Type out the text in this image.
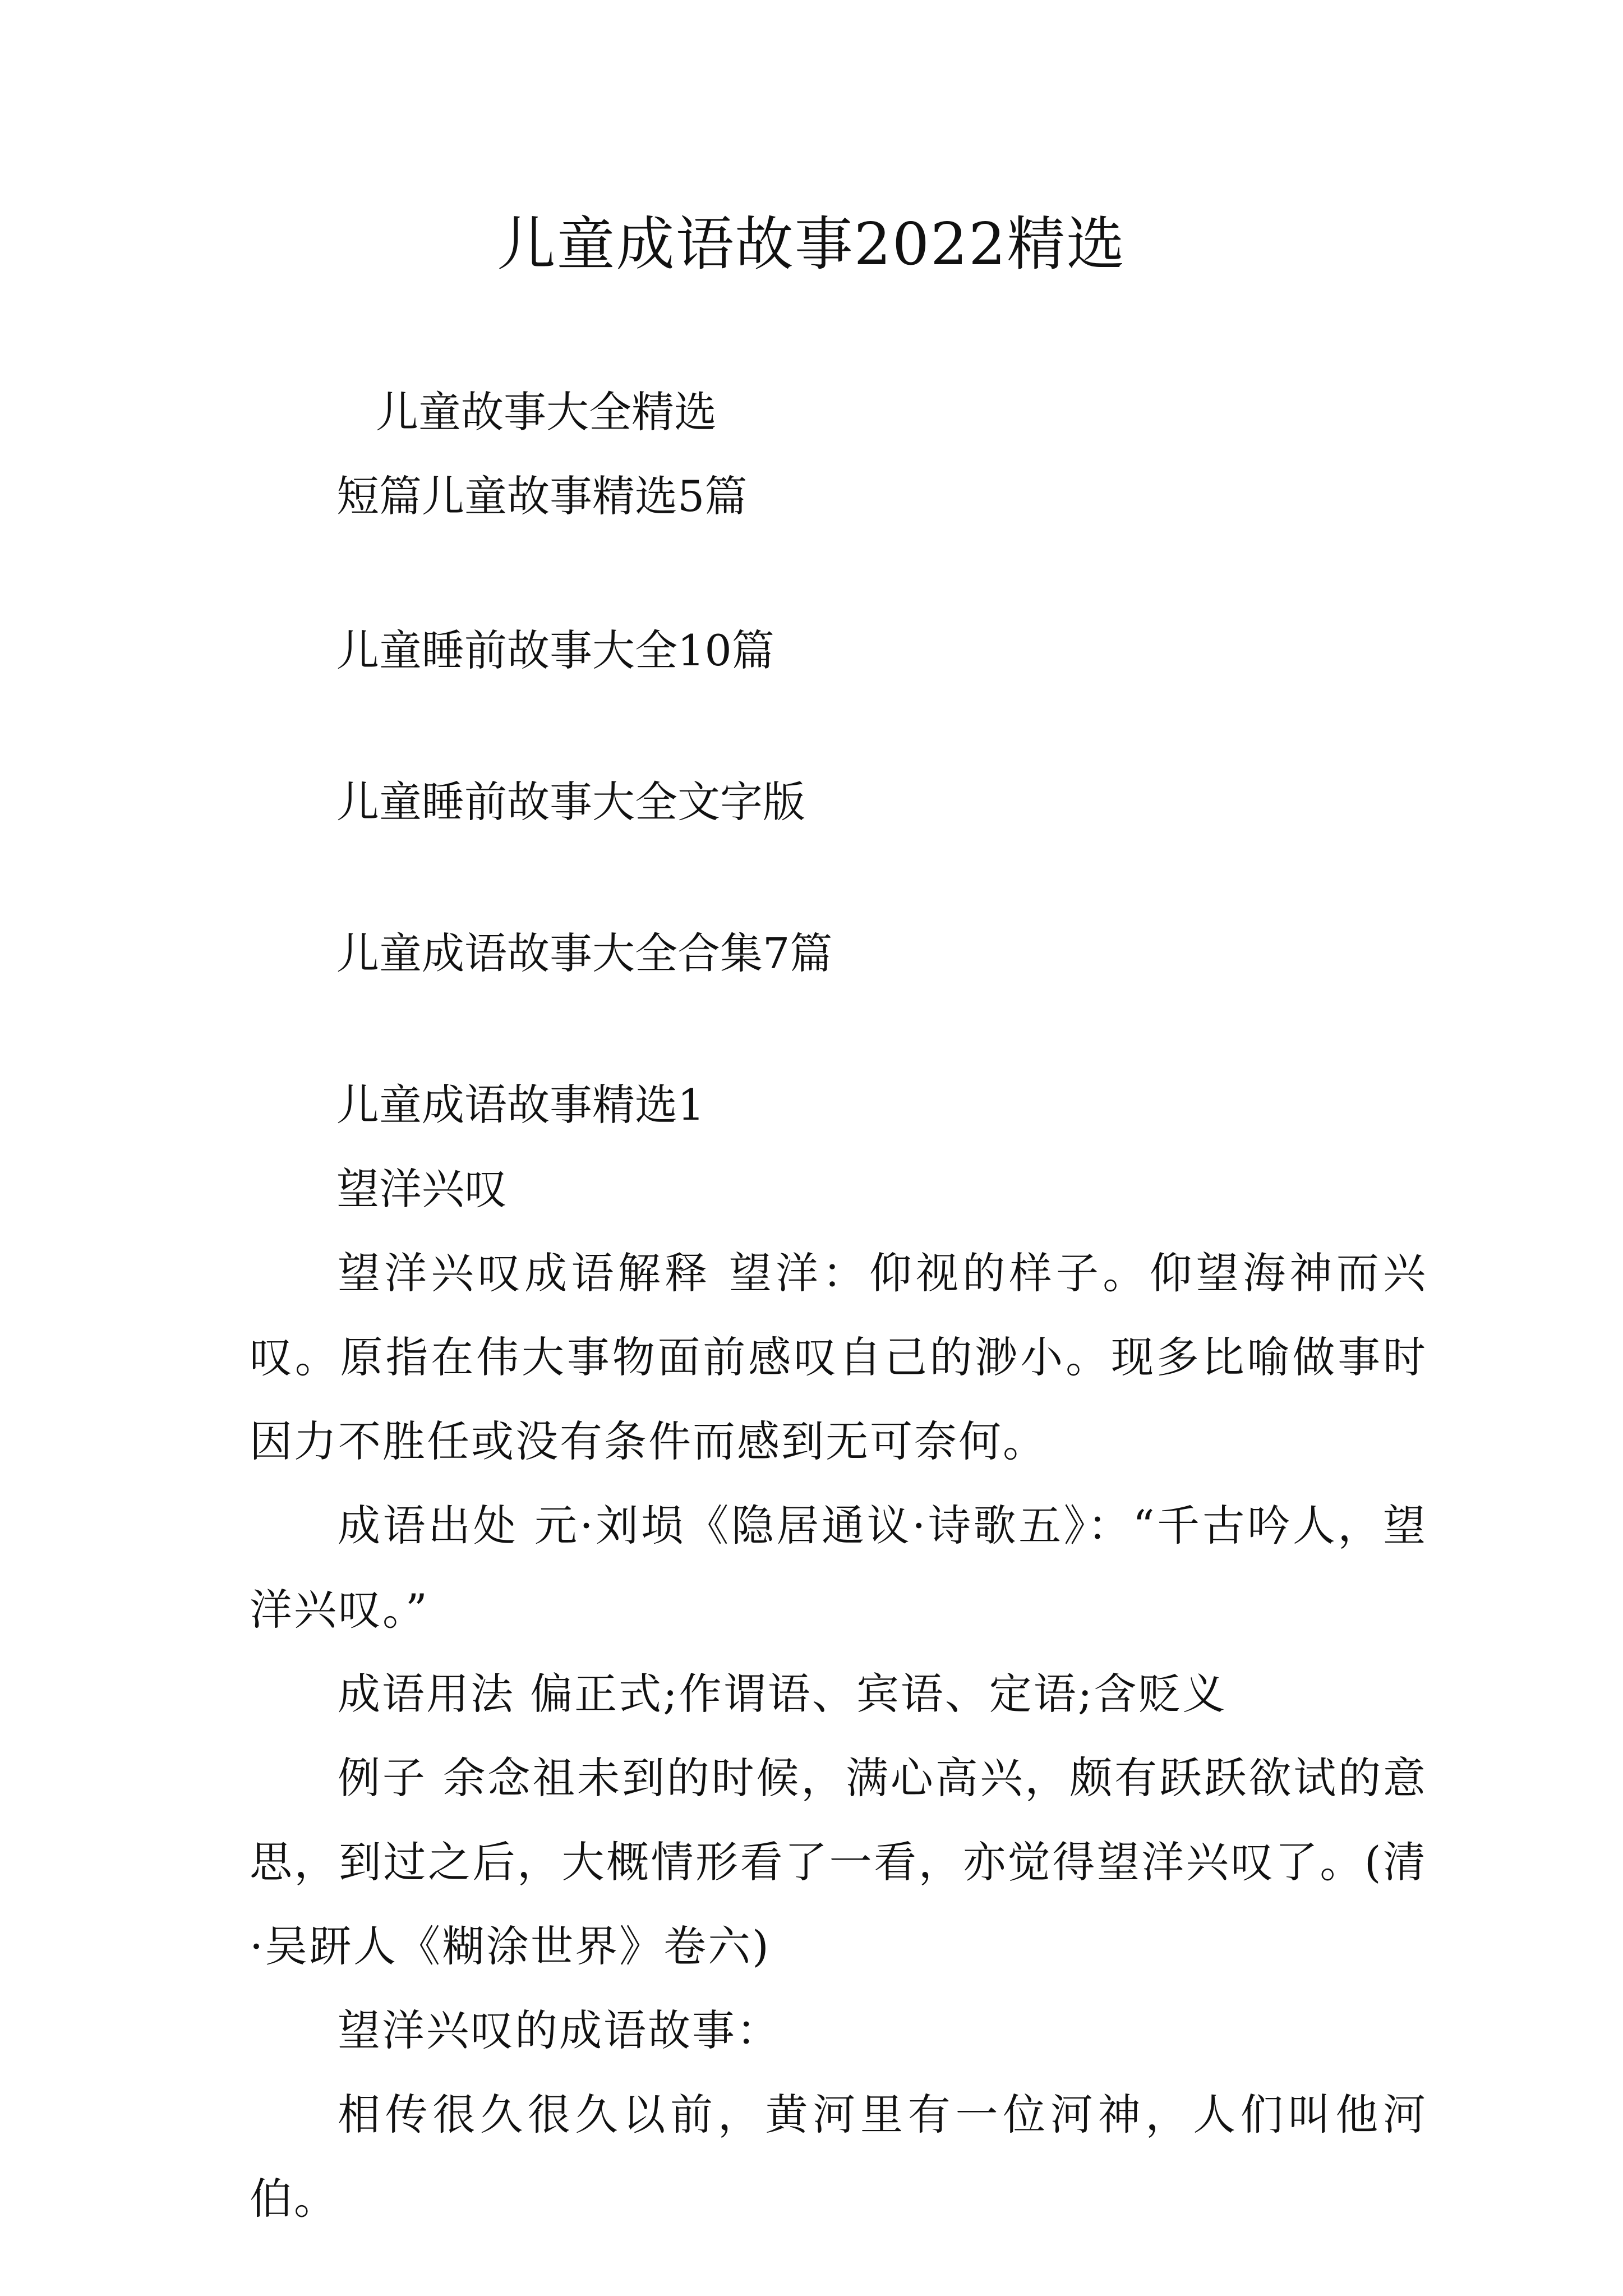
儿童成语故事2022精选
儿童故事大全精选
短篇儿童故事精选5篇
儿童睡前故事大全10篇
儿童睡前故事大全文字版
儿童成语故事大全合集7篇
儿童成语故事精选1
望洋兴叹
望洋兴叹成语解释 望洋：仰视的样子。仰望海神而兴叹。原指在伟大事物面前感叹自己的渺小。现多比喻做事时因力不胜任或没有条件而感到无可奈何。
成语出处 元·刘埙《隐居通议·诗歌五》：“千古吟人，望洋兴叹。”
成语用法 偏正式;作谓语、宾语、定语;含贬义
例子 余念祖未到的时候，满心高兴，颇有跃跃欲试的意思，到过之后，大概情形看了一看，亦觉得望洋兴叹了。(清·吴趼人《糊涂世界》卷六)
望洋兴叹的成语故事：
相传很久很久以前，黄河里有一位河神，人们叫他河伯。
